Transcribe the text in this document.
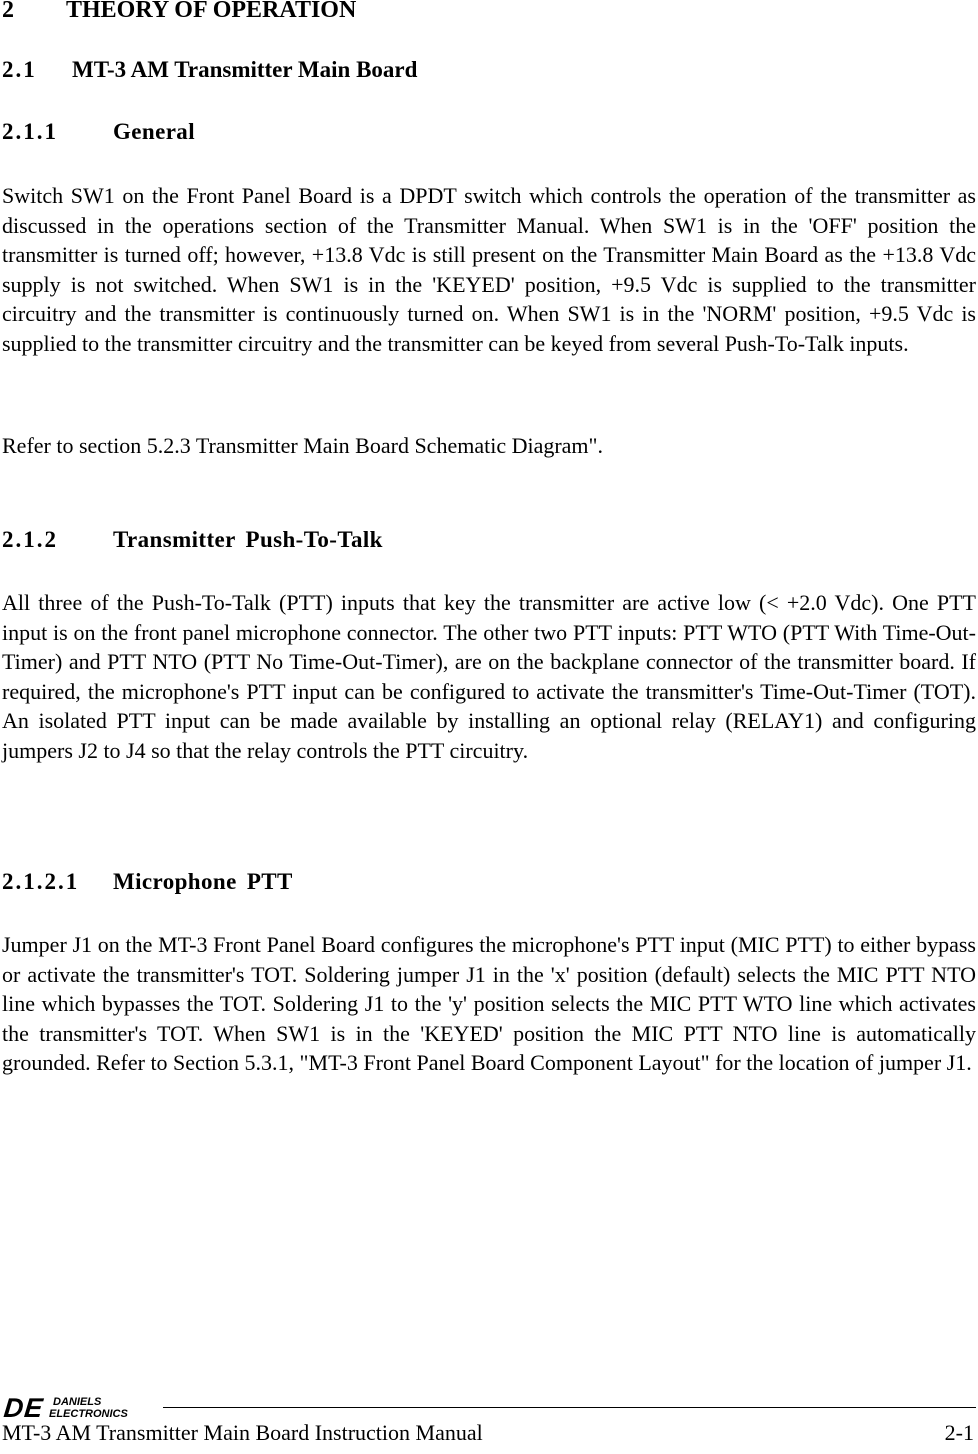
2 THEORY OF OPERATION
2.1 MT-3 AM Transmitter Main Board
2.1.1 General

Switch SW1 on the Front Panel Board is a DPDT switch which controls the operation of the transmitter as discussed in the operations section of the Transmitter Manual. When SW1 is in the 'OFF' position the transmitter is turned off; however, +13.8 Vdc is still present on the Transmitter Main Board as the +13.8 Vdc supply is not switched. When SW1 is in the 'KEYED' position, +9.5 Vdc is supplied to the transmitter circuitry and the transmitter is continuously turned on. When SW1 is in the 'NORM' position, +9.5 Vdc is supplied to the transmitter circuitry and the transmitter can be keyed from several Push-To-Talk inputs.

Refer to section 5.2.3 Transmitter Main Board Schematic Diagram".

2.1.2 Transmitter Push-To-Talk

All three of the Push-To-Talk (PTT) inputs that key the transmitter are active low (< +2.0 Vdc). One PTT input is on the front panel microphone connector. The other two PTT inputs: PTT WTO (PTT With Time-Out-Timer) and PTT NTO (PTT No Time-Out-Timer), are on the backplane connector of the transmitter board. If required, the microphone's PTT input can be configured to activate the transmitter's Time-Out-Timer (TOT). An isolated PTT input can be made available by installing an optional relay (RELAY1) and configuring jumpers J2 to J4 so that the relay controls the PTT circuitry.

2.1.2.1 Microphone PTT

Jumper J1 on the MT-3 Front Panel Board configures the microphone's PTT input (MIC PTT) to either bypass or activate the transmitter's TOT. Soldering jumper J1 in the 'x' position (default) selects the MIC PTT NTO line which bypasses the TOT. Soldering J1 to the 'y' position selects the MIC PTT WTO line which activates the transmitter's TOT. When SW1 is in the 'KEYED' position the MIC PTT NTO line is automatically grounded. Refer to Section 5.3.1, "MT-3 Front Panel Board Component Layout" for the location of jumper J1.

DE DANIELS
ELECTRONICS
MT-3 AM Transmitter Main Board Instruction Manual	2-1
